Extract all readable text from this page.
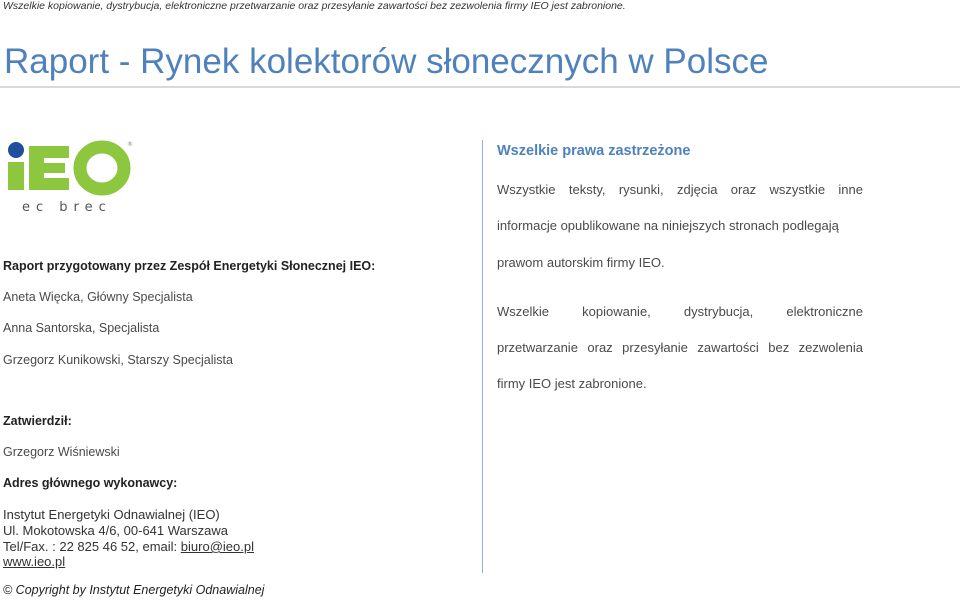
Wszelkie kopiowanie, dystrybucja, elektroniczne przetwarzanie oraz przesyłanie zawartości bez zezwolenia firmy IEO jest zabronione.
Raport - Rynek kolektorów słonecznych w Polsce
®
ec brec
Wszelkie prawa zastrzeżone
Wszystkie teksty, rysunki, zdjęcia oraz wszystkie inne
informacje opublikowane na niniejszych stronach podlegają
prawom autorskim firmy IEO.
Wszelkie kopiowanie, dystrybucja, elektroniczne
przetwarzanie oraz przesyłanie zawartości bez zezwolenia
firmy IEO jest zabronione.
Raport przygotowany przez Zespół Energetyki Słonecznej IEO:
Aneta Więcka, Główny Specjalista
Anna Santorska, Specjalista
Grzegorz Kunikowski, Starszy Specjalista
Zatwierdził:
Grzegorz Wiśniewski
Adres głównego wykonawcy:
Instytut Energetyki Odnawialnej (IEO)
Ul. Mokotowska 4/6, 00-641 Warszawa
Tel/Fax. : 22 825 46 52, email: biuro@ieo.pl
www.ieo.pl
© Copyright by Instytut Energetyki Odnawialnej
